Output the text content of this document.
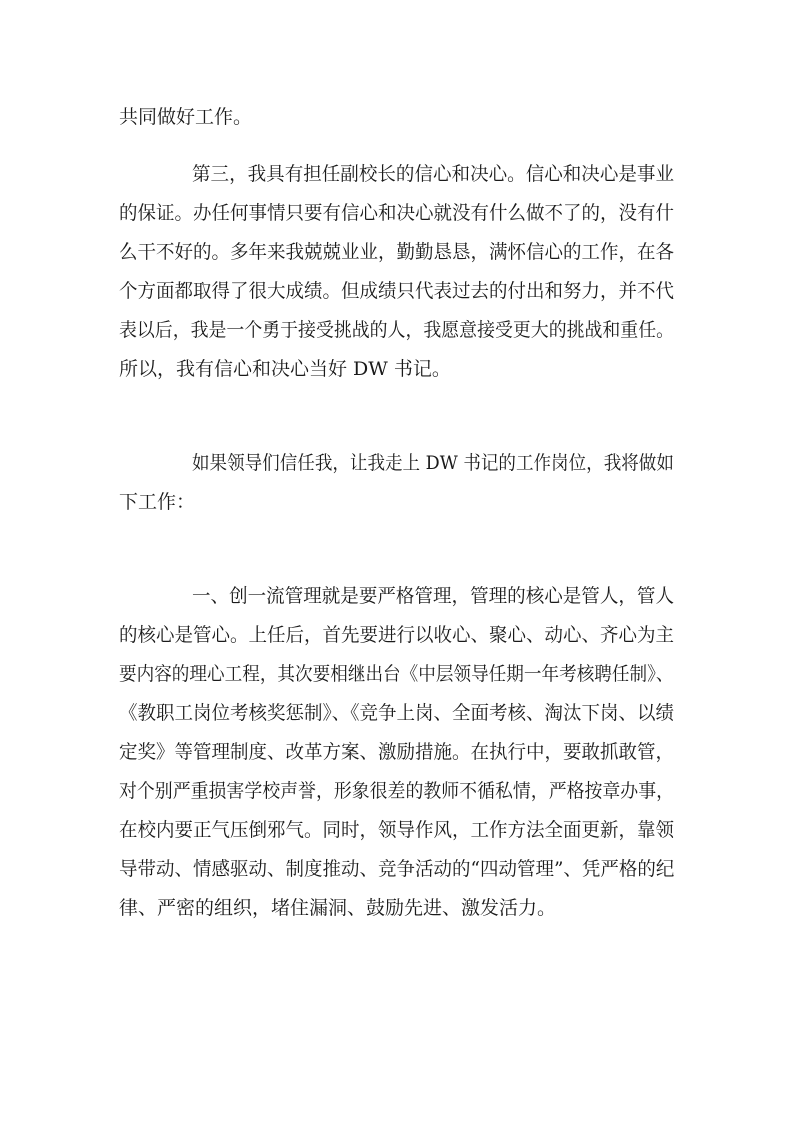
共同做好工作。
第三，我具有担任副校长的信心和决心。信心和决心是事业
的保证。办任何事情只要有信心和决心就没有什么做不了的，没有什
么干不好的。多年来我兢兢业业，勤勤恳恳，满怀信心的工作，在各
个方面都取得了很大成绩。但成绩只代表过去的付出和努力，并不代
表以后，我是一个勇于接受挑战的人，我愿意接受更大的挑战和重任。
所以，我有信心和决心当好 DW 书记。
如果领导们信任我，让我走上 DW 书记的工作岗位，我将做如
下工作：
一、创一流管理就是要严格管理，管理的核心是管人，管人
的核心是管心。上任后，首先要进行以收心、聚心、动心、齐心为主
要内容的理心工程，其次要相继出台《中层领导任期一年考核聘任制》、
《教职工岗位考核奖惩制》、《竞争上岗、全面考核、淘汰下岗、以绩
定奖》等管理制度、改革方案、激励措施。在执行中，要敢抓敢管，
对个别严重损害学校声誉，形象很差的教师不循私情，严格按章办事，
在校内要正气压倒邪气。同时，领导作风，工作方法全面更新，靠领
导带动、情感驱动、制度推动、竞争活动的“四动管理”、凭严格的纪
律、严密的组织，堵住漏洞、鼓励先进、激发活力。
